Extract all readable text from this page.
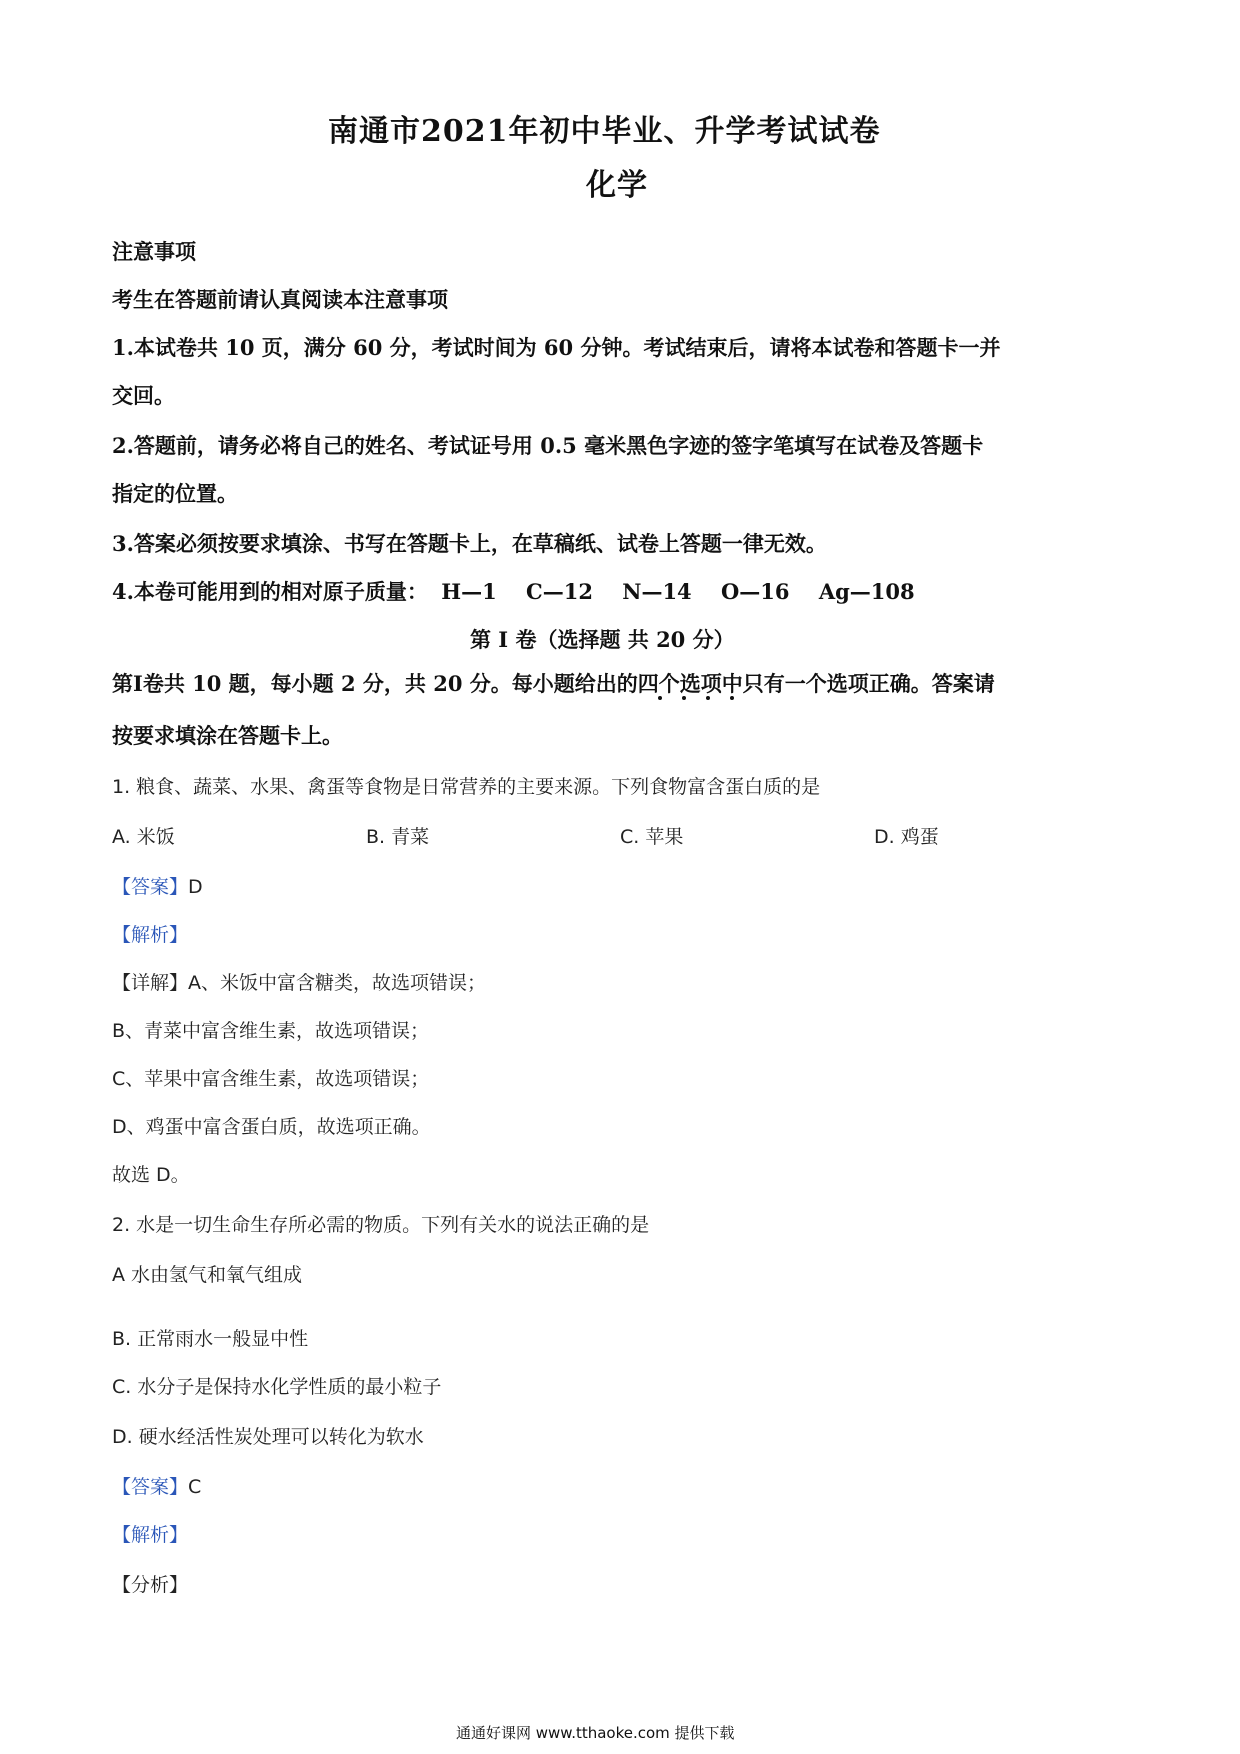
南通市2021年初中毕业、升学考试试卷
化学
注意事项
考生在答题前请认真阅读本注意事项
1.本试卷共 10 页，满分 60 分，考试时间为 60 分钟。考试结束后，请将本试卷和答题卡一并
交回。
2.答题前，请务必将自己的姓名、考试证号用 0.5 毫米黑色字迹的签字笔填写在试卷及答题卡
指定的位置。
3.答案必须按要求填涂、书写在答题卡上，在草稿纸、试卷上答题一律无效。
4.本卷可能用到的相对原子质量： H—1 C—12 N—14 O—16 Ag—108
第 I 卷（选择题 共 20 分）
第I卷共 10 题，每小题 2 分，共 20 分。每小题给出的四个选项中只有一个选项正确。答案请
按要求填涂在答题卡上。
1. 粮食、蔬菜、水果、禽蛋等食物是日常营养的主要来源。下列食物富含蛋白质的是
A. 米饭	B. 青菜	C. 苹果	D. 鸡蛋
【答案】D
【解析】
【详解】A、米饭中富含糖类，故选项错误；
B、青菜中富含维生素，故选项错误；
C、苹果中富含维生素，故选项错误；
D、鸡蛋中富含蛋白质，故选项正确。
故选 D。
2. 水是一切生命生存所必需的物质。下列有关水的说法正确的是
A 水由氢气和氧气组成
B. 正常雨水一般显中性
C. 水分子是保持水化学性质的最小粒子
D. 硬水经活性炭处理可以转化为软水
【答案】C
【解析】
【分析】
通通好课网 www.tthaoke.com 提供下载
